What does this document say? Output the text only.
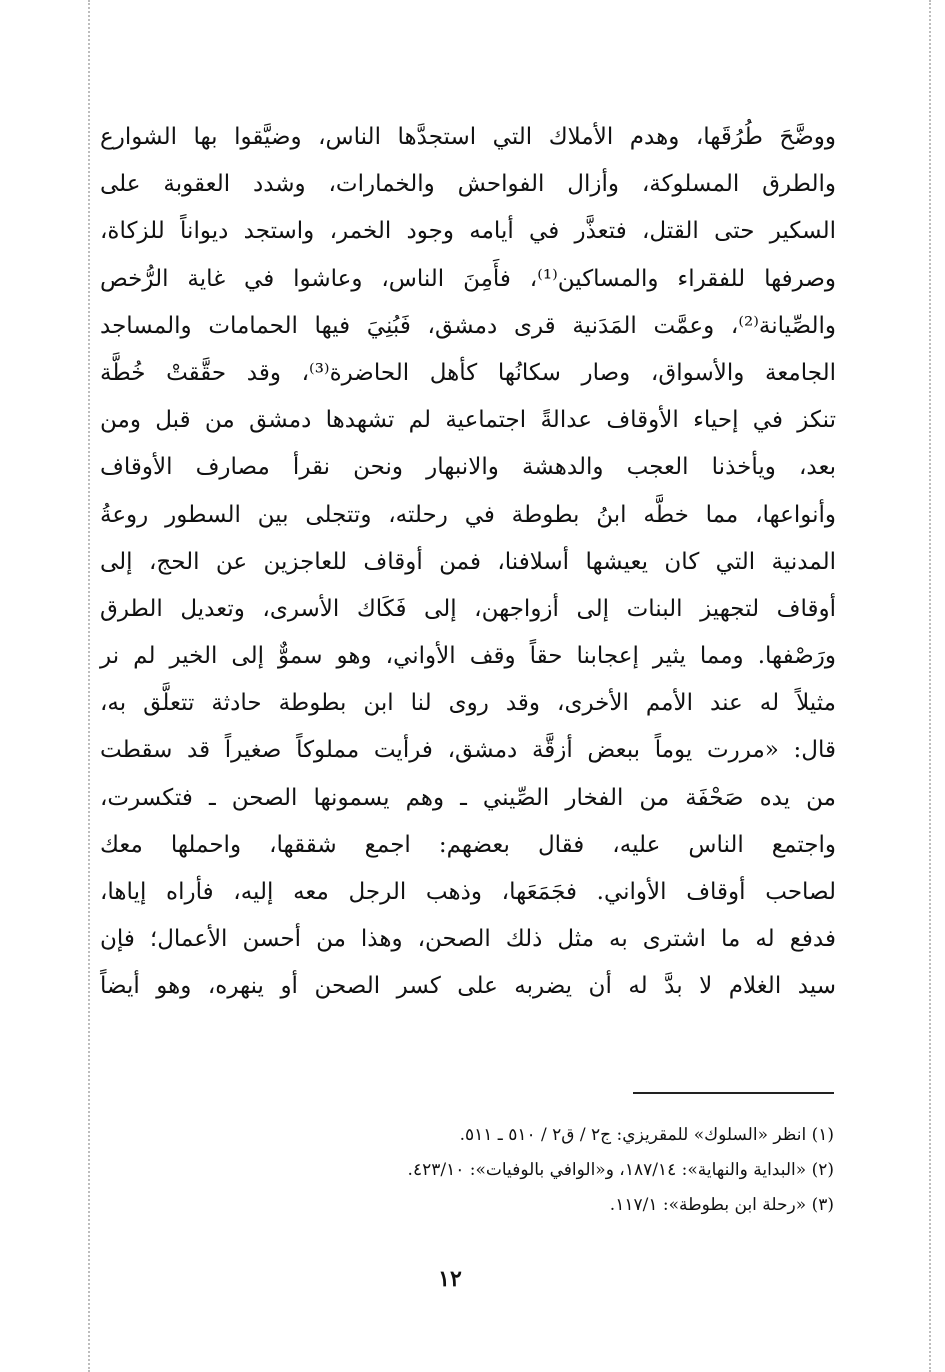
ووضَّحَ طُرُقَها، وهدم الأملاك التي استجدَّها الناس، وضيَّقوا بها الشوارع
والطرق المسلوكة، وأزال الفواحش والخمارات، وشدد العقوبة على
السكير حتى القتل، فتعذَّر في أيامه وجود الخمر، واستجد ديواناً للزكاة،
وصرفها للفقراء والمساكين⁽¹⁾، فأَمِنَ الناس، وعاشوا في غاية الرُّخص
والصِّيانة⁽²⁾، وعمَّت المَدَنية قرى دمشق، فَبُنِيَ فيها الحمامات والمساجد
الجامعة والأسواق، وصار سكانُها كأهل الحاضرة⁽³⁾، وقد حقَّقتْ خُطَّة
تنكز في إحياء الأوقاف عدالةً اجتماعية لم تشهدها دمشق من قبل ومن
بعد، ويأخذنا العجب والدهشة والانبهار ونحن نقرأ مصارف الأوقاف
وأنواعها، مما خطَّه ابنُ بطوطة في رحلته، وتتجلى بين السطور روعةُ
المدنية التي كان يعيشها أسلافنا، فمن أوقاف للعاجزين عن الحج، إلى
أوقاف لتجهيز البنات إلى أزواجهن، إلى فَكَاك الأسرى، وتعديل الطرق
ورَصْفها. ومما يثير إعجابنا حقاً وقف الأواني، وهو سموٌّ إلى الخير لم نر
مثيلاً له عند الأمم الأخرى، وقد روى لنا ابن بطوطة حادثة تتعلَّق به،
قال: «مررت يوماً ببعض أزقَّة دمشق، فرأيت مملوكاً صغيراً قد سقطت
من يده صَحْفَة من الفخار الصِّيني ـ وهم يسمونها الصحن ـ فتكسرت،
واجتمع الناس عليه، فقال بعضهم: اجمع شققها، واحملها معك
لصاحب أوقاف الأواني. فجَمَعَها، وذهب الرجل معه إليه، فأراه إياها،
فدفع له ما اشترى به مثل ذلك الصحن، وهذا من أحسن الأعمال؛ فإن
سيد الغلام لا بدَّ له أن يضربه على كسر الصحن أو ينهره، وهو أيضاً
(١) انظر «السلوك» للمقريزي: ج٢ / ق٢ / ٥١٠ ـ ٥١١.
(٢) «البداية والنهاية»: ١٨٧/١٤، و«الوافي بالوفيات»: ٤٢٣/١٠.
(٣) «رحلة ابن بطوطة»: ١١٧/١.
١٢
